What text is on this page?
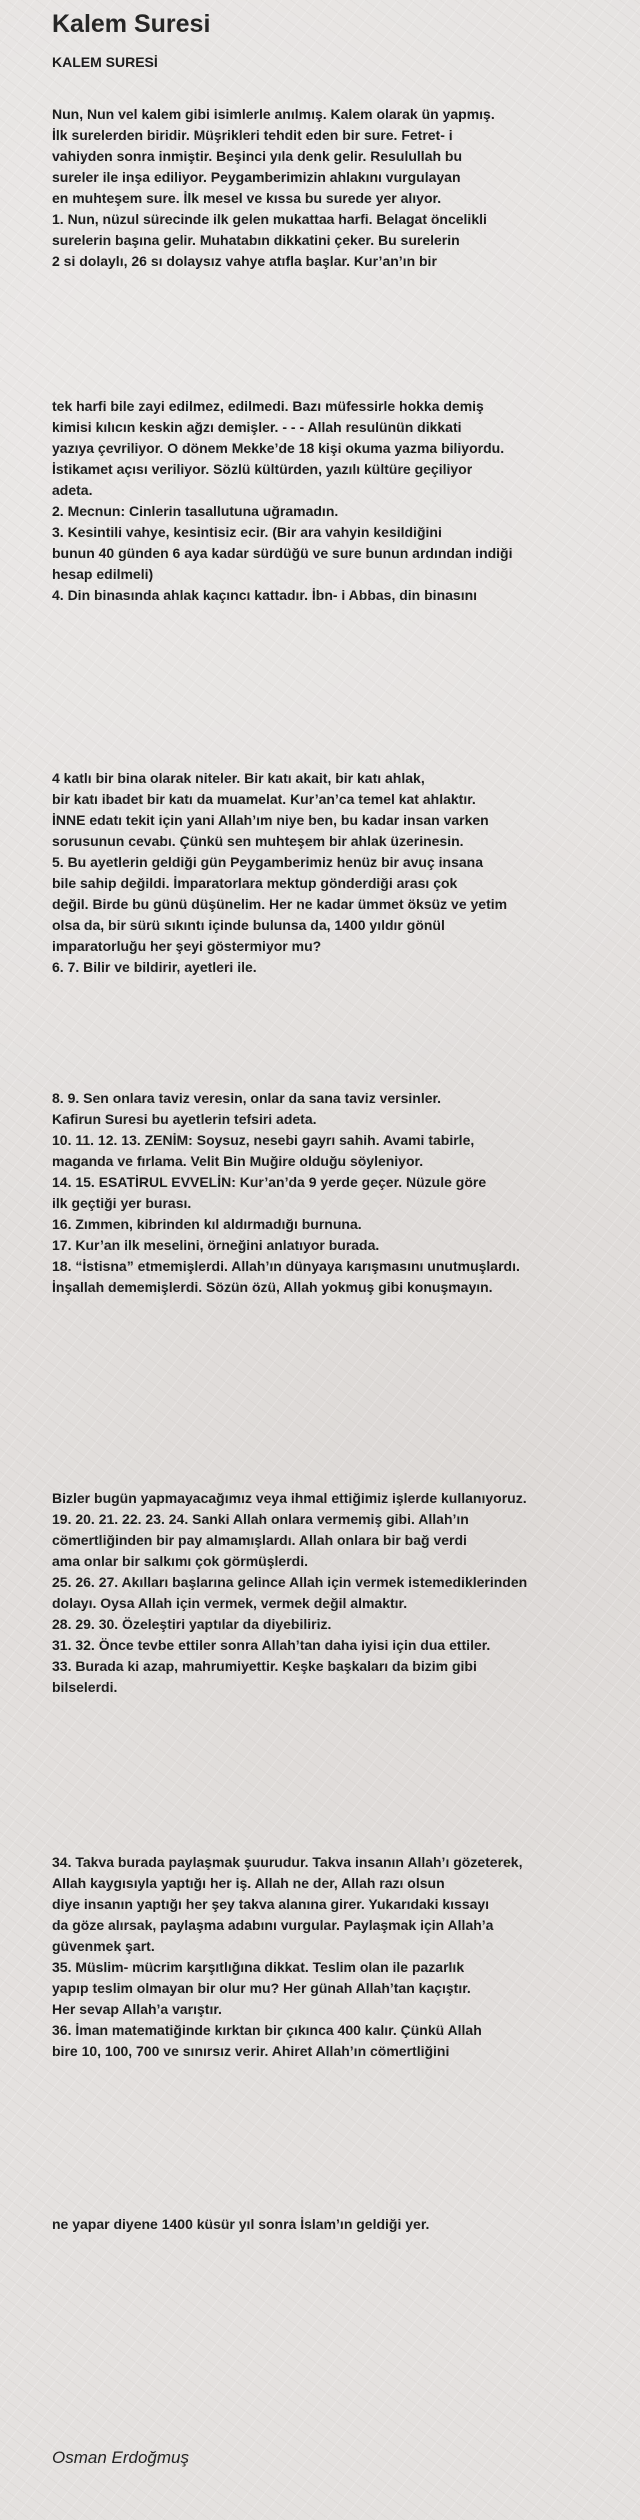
Kalem Suresi
KALEM SURESİ
Nun, Nun vel kalem gibi isimlerle anılmış. Kalem olarak ün yapmış.
İlk surelerden biridir. Müşrikleri tehdit eden bir sure. Fetret- i
vahiyden sonra inmiştir. Beşinci yıla denk gelir. Resulullah bu
sureler ile inşa ediliyor. Peygamberimizin ahlakını vurgulayan
en muhteşem sure. İlk mesel ve kıssa bu surede yer alıyor.
1. Nun, nüzul sürecinde ilk gelen mukattaa harfi. Belagat öncelikli
surelerin başına gelir. Muhatabın dikkatini çeker. Bu surelerin
2 si dolaylı, 26 sı dolaysız vahye atıfla başlar. Kur’an’ın bir
tek harfi bile zayi edilmez, edilmedi. Bazı müfessirle hokka demiş
kimisi kılıcın keskin ağzı demişler. - - - Allah resulünün dikkati
yazıya çevriliyor. O dönem Mekke’de 18 kişi okuma yazma biliyordu.
İstikamet açısı veriliyor. Sözlü kültürden, yazılı kültüre geçiliyor
adeta.
2. Mecnun: Cinlerin tasallutuna uğramadın.
3. Kesintili vahye, kesintisiz ecir. (Bir ara vahyin kesildiğini
bunun 40 günden 6 aya kadar sürdüğü ve sure bunun ardından indiği
hesap edilmeli)
4. Din binasında ahlak kaçıncı kattadır. İbn- i Abbas, din binasını
4 katlı bir bina olarak niteler. Bir katı akait, bir katı ahlak,
bir katı ibadet bir katı da muamelat. Kur’an’ca temel kat ahlaktır.
İNNE edatı tekit için yani Allah’ım niye ben, bu kadar insan varken
sorusunun cevabı. Çünkü sen muhteşem bir ahlak üzerinesin.
5. Bu ayetlerin geldiği gün Peygamberimiz henüz bir avuç insana
bile sahip değildi. İmparatorlara mektup gönderdiği arası çok
değil. Birde bu günü düşünelim. Her ne kadar ümmet öksüz ve yetim
olsa da, bir sürü sıkıntı içinde bulunsa da, 1400 yıldır gönül
imparatorluğu her şeyi göstermiyor mu?
6. 7. Bilir ve bildirir, ayetleri ile.
8. 9. Sen onlara taviz veresin, onlar da sana taviz versinler.
Kafirun Suresi bu ayetlerin tefsiri adeta.
10. 11. 12. 13. ZENİM: Soysuz, nesebi gayrı sahih. Avami tabirle,
maganda ve fırlama. Velit Bin Muğire olduğu söyleniyor.
14. 15. ESATİRUL EVVELİN: Kur’an’da 9 yerde geçer. Nüzule göre
ilk geçtiği yer burası.
16. Zımmen, kibrinden kıl aldırmadığı burnuna.
17. Kur’an ilk meselini, örneğini anlatıyor burada.
18. “İstisna” etmemişlerdi. Allah’ın dünyaya karışmasını unutmuşlardı.
İnşallah dememişlerdi. Sözün özü, Allah yokmuş gibi konuşmayın.
Bizler bugün yapmayacağımız veya ihmal ettiğimiz işlerde kullanıyoruz.
19. 20. 21. 22. 23. 24. Sanki Allah onlara vermemiş gibi. Allah’ın
cömertliğinden bir pay almamışlardı. Allah onlara bir bağ verdi
ama onlar bir salkımı çok görmüşlerdi.
25. 26. 27. Akılları başlarına gelince Allah için vermek istemediklerinden
dolayı. Oysa Allah için vermek, vermek değil almaktır.
28. 29. 30. Özeleştiri yaptılar da diyebiliriz.
31. 32. Önce tevbe ettiler sonra Allah’tan daha iyisi için dua ettiler.
33. Burada ki azap, mahrumiyettir. Keşke başkaları da bizim gibi
bilselerdi.
34. Takva burada paylaşmak şuurudur. Takva insanın Allah’ı gözeterek,
Allah kaygısıyla yaptığı her iş. Allah ne der, Allah razı olsun
diye insanın yaptığı her şey takva alanına girer. Yukarıdaki kıssayı
da göze alırsak, paylaşma adabını vurgular. Paylaşmak için Allah’a
güvenmek şart.
35. Müslim- mücrim karşıtlığına dikkat. Teslim olan ile pazarlık
yapıp teslim olmayan bir olur mu? Her günah Allah’tan kaçıştır.
Her sevap Allah’a varıştır.
36. İman matematiğinde kırktan bir çıkınca 400 kalır. Çünkü Allah
bire 10, 100, 700 ve sınırsız verir. Ahiret Allah’ın cömertliğini
ne yapar diyene 1400 küsür yıl sonra İslam’ın geldiği yer.
Osman Erdoğmuş
